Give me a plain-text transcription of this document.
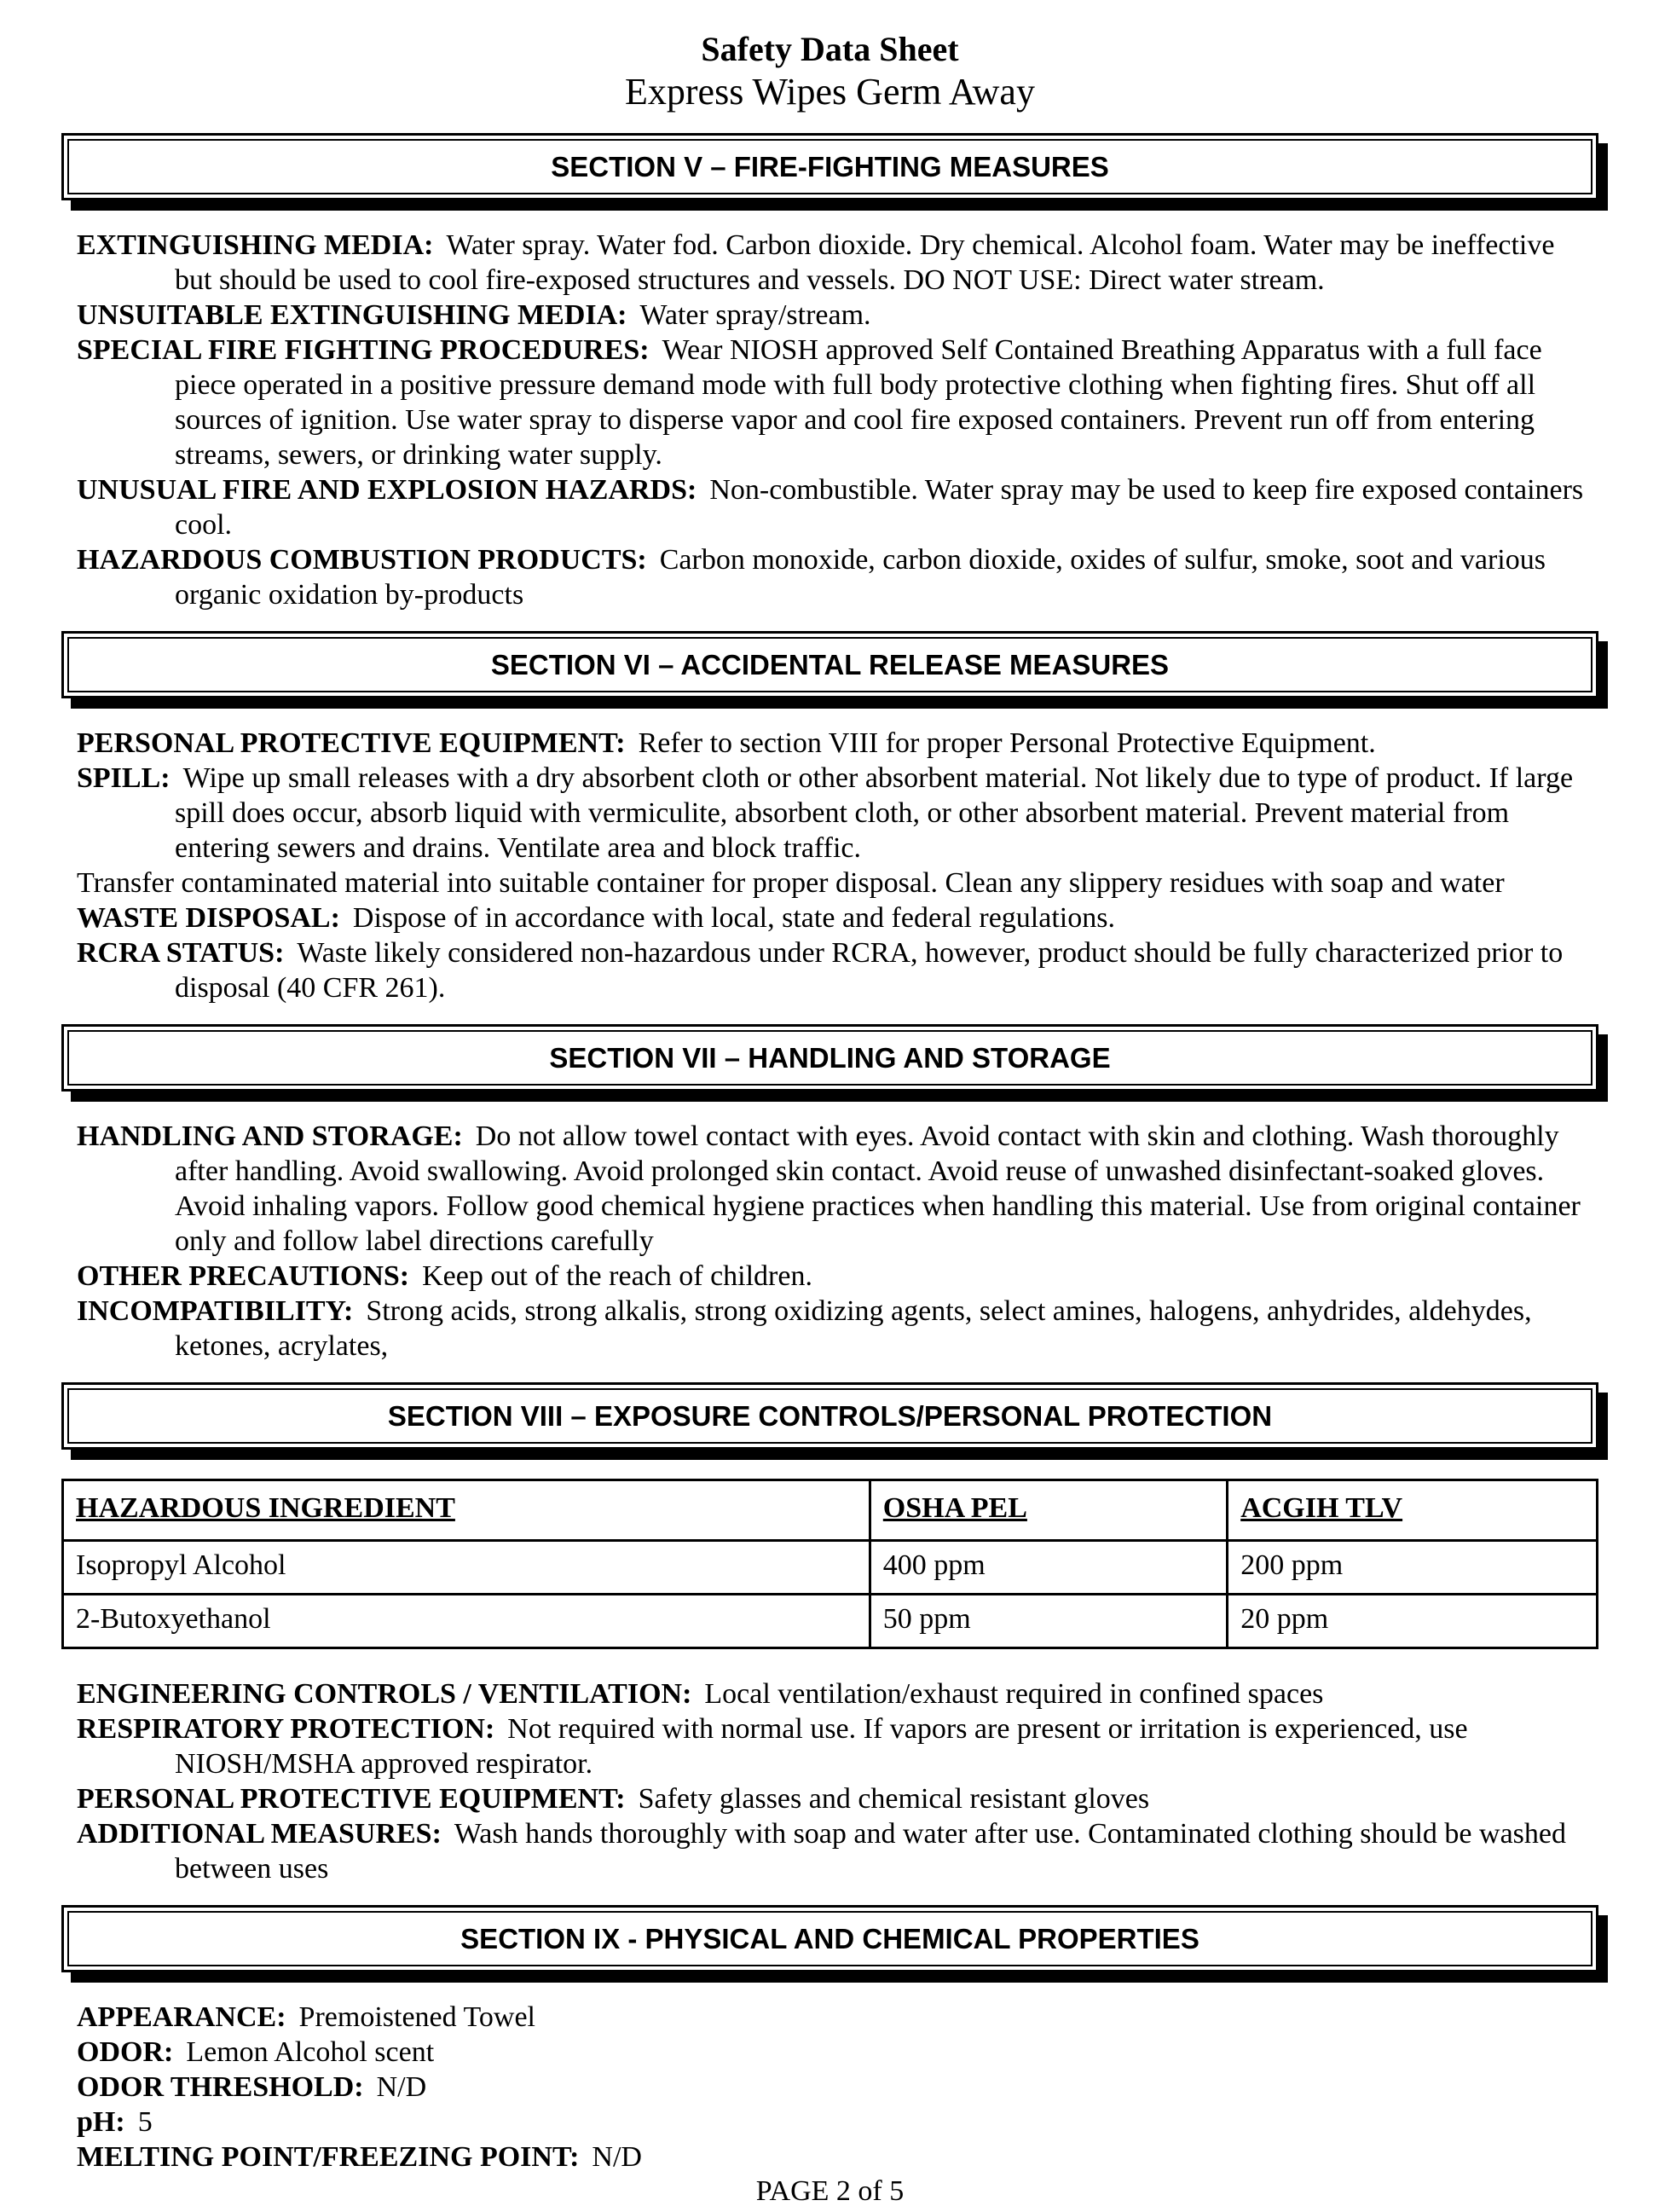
Safety Data Sheet
Express Wipes Germ Away
SECTION V – FIRE-FIGHTING MEASURES

EXTINGUISHING MEDIA: Water spray. Water fod. Carbon dioxide. Dry chemical. Alcohol foam. Water may be ineffective but should be used to cool fire-exposed structures and vessels. DO NOT USE: Direct water stream.

UNSUITABLE EXTINGUISHING MEDIA: Water spray/stream.

SPECIAL FIRE FIGHTING PROCEDURES: Wear NIOSH approved Self Contained Breathing Apparatus with a full face piece operated in a positive pressure demand mode with full body protective clothing when fighting fires. Shut off all sources of ignition. Use water spray to disperse vapor and cool fire exposed containers. Prevent run off from entering streams, sewers, or drinking water supply.

UNUSUAL FIRE AND EXPLOSION HAZARDS: Non-combustible. Water spray may be used to keep fire exposed containers cool.

HAZARDOUS COMBUSTION PRODUCTS: Carbon monoxide, carbon dioxide, oxides of sulfur, smoke, soot and various organic oxidation by-products

SECTION VI – ACCIDENTAL RELEASE MEASURES

PERSONAL PROTECTIVE EQUIPMENT: Refer to section VIII for proper Personal Protective Equipment.

SPILL: Wipe up small releases with a dry absorbent cloth or other absorbent material. Not likely due to type of product. If large spill does occur, absorb liquid with vermiculite, absorbent cloth, or other absorbent material. Prevent material from entering sewers and drains. Ventilate area and block traffic.

Transfer contaminated material into suitable container for proper disposal. Clean any slippery residues with soap and water

WASTE DISPOSAL: Dispose of in accordance with local, state and federal regulations.

RCRA STATUS: Waste likely considered non-hazardous under RCRA, however, product should be fully characterized prior to disposal (40 CFR 261).

SECTION VII – HANDLING AND STORAGE

HANDLING AND STORAGE: Do not allow towel contact with eyes. Avoid contact with skin and clothing. Wash thoroughly after handling. Avoid swallowing. Avoid prolonged skin contact. Avoid reuse of unwashed disinfectant-soaked gloves. Avoid inhaling vapors. Follow good chemical hygiene practices when handling this material. Use from original container only and follow label directions carefully

OTHER PRECAUTIONS: Keep out of the reach of children.

INCOMPATIBILITY: Strong acids, strong alkalis, strong oxidizing agents, select amines, halogens, anhydrides, aldehydes, ketones, acrylates,

SECTION VIII – EXPOSURE CONTROLS/PERSONAL PROTECTION
HAZARDOUS INGREDIENT	OSHA PEL	ACGIH TLV
Isopropyl Alcohol	400 ppm	200 ppm
2-Butoxyethanol	50 ppm	20 ppm

ENGINEERING CONTROLS / VENTILATION: Local ventilation/exhaust required in confined spaces

RESPIRATORY PROTECTION: Not required with normal use. If vapors are present or irritation is experienced, use NIOSH/MSHA approved respirator.

PERSONAL PROTECTIVE EQUIPMENT: Safety glasses and chemical resistant gloves

ADDITIONAL MEASURES: Wash hands thoroughly with soap and water after use. Contaminated clothing should be washed between uses

SECTION IX - PHYSICAL AND CHEMICAL PROPERTIES

APPEARANCE: Premoistened Towel

ODOR: Lemon Alcohol scent

ODOR THRESHOLD: N/D

pH: 5

MELTING POINT/FREEZING POINT: N/D

PAGE 2 of 5
